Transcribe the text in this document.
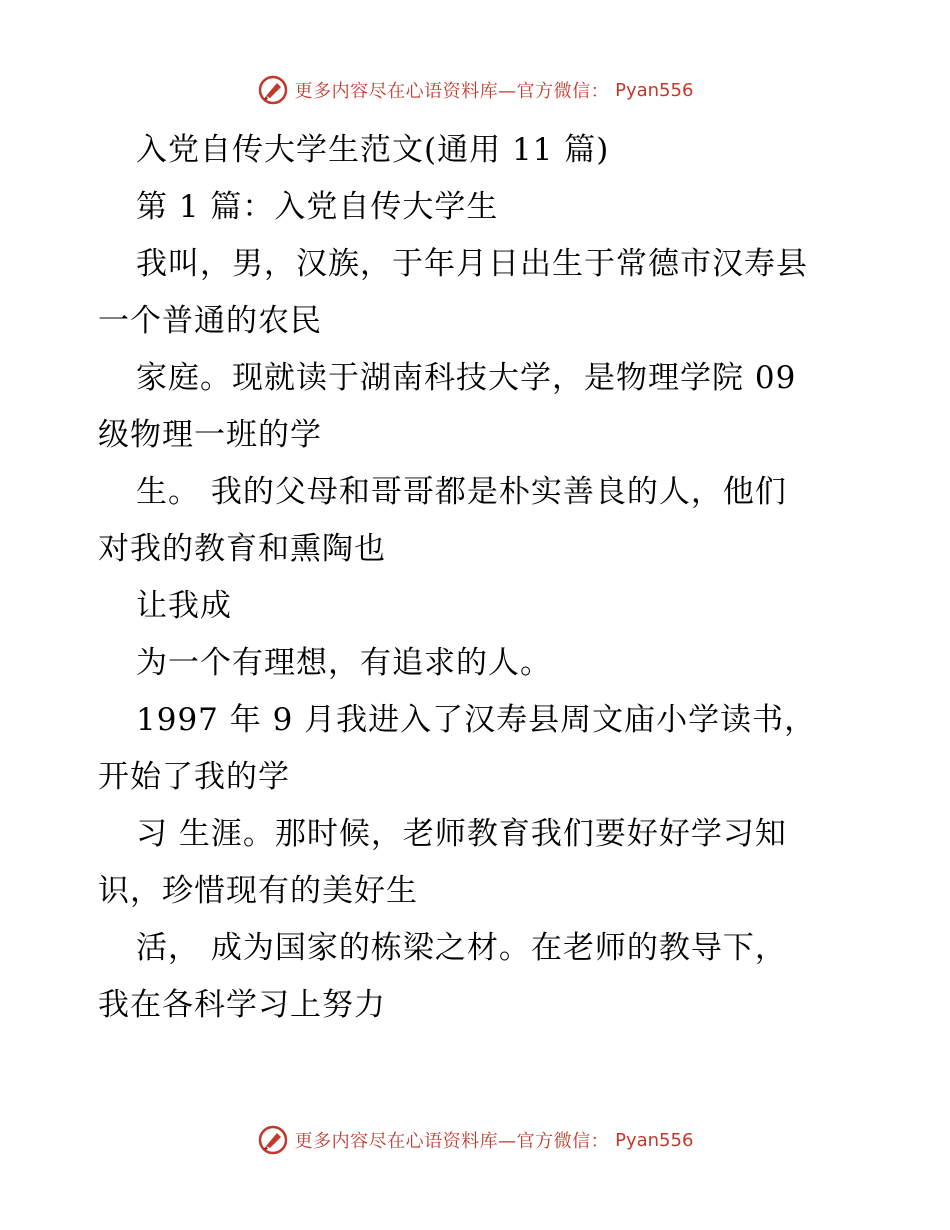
更多内容尽在心语资料库—官方微信： Pyan556
入党自传大学生范文(通用 11 篇)
第 1 篇：入党自传大学生
我叫，男，汉族，于年月日出生于常德市汉寿县
一个普通的农民
家庭。现就读于湖南科技大学，是物理学院 09
级物理一班的学
生。 我的父母和哥哥都是朴实善良的人，他们
对我的教育和熏陶也
让我成
为一个有理想，有追求的人。
1997 年 9 月我进入了汉寿县周文庙小学读书，
开始了我的学
习 生涯。那时候，老师教育我们要好好学习知
识，珍惜现有的美好生
活， 成为国家的栋梁之材。在老师的教导下，
我在各科学习上努力
更多内容尽在心语资料库—官方微信： Pyan556
